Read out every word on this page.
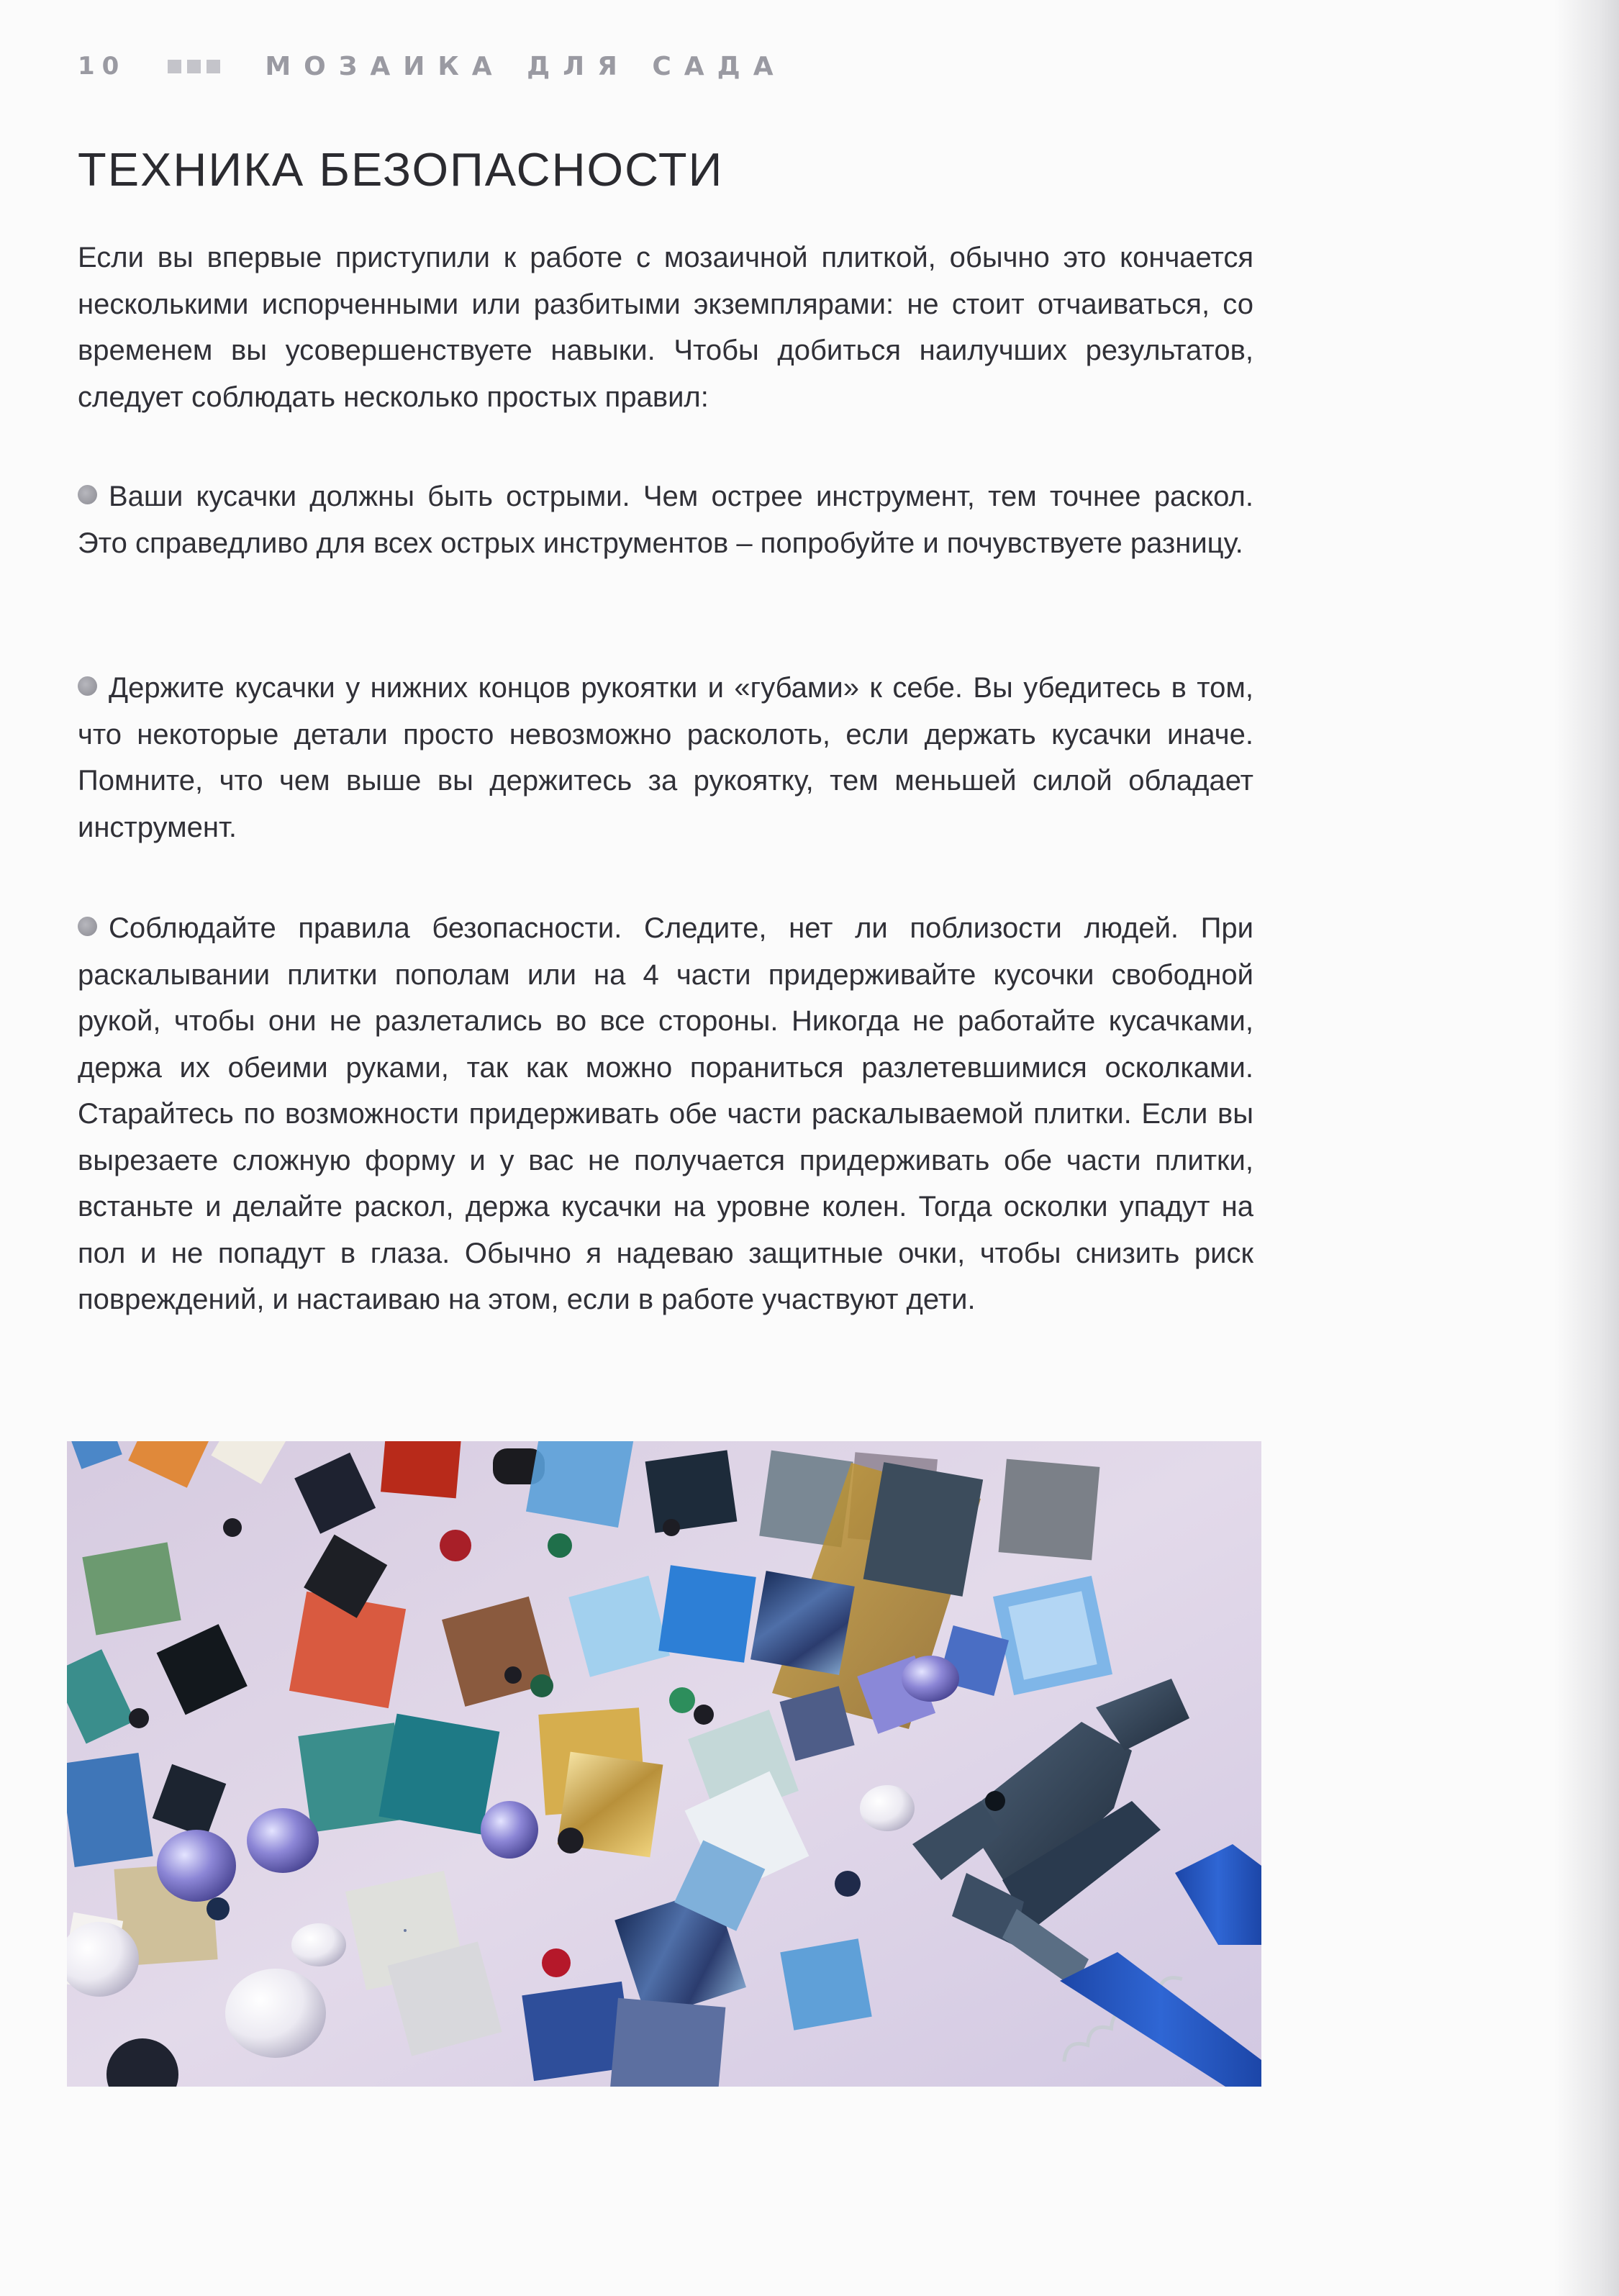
10	МОЗАИКА ДЛЯ САДА
ТЕХНИКА БЕЗОПАСНОСТИ

Если вы впервые приступили к работе с мозаичной плиткой, обычно это кончается несколькими испорченными или разбитыми экземплярами: не стоит отчаиваться, со временем вы усовершенствуете навыки. Чтобы добиться наилучших результатов, следует соблюдать несколько простых правил:

Ваши кусачки должны быть острыми. Чем острее инструмент, тем точнее раскол. Это справедливо для всех острых инструментов – попробуйте и почувствуете разницу.

Держите кусачки у нижних концов рукоятки и «губами» к себе. Вы убедитесь в том, что некоторые детали просто невозможно расколоть, если держать кусачки иначе. Помните, что чем выше вы держитесь за рукоятку, тем меньшей силой обладает инструмент.

Соблюдайте правила безопасности. Следите, нет ли поблизости людей. При раскалывании плитки пополам или на 4 части придерживайте кусочки свободной рукой, чтобы они не разлетались во все стороны. Никогда не работайте кусачками, держа их обеими руками, так как можно пораниться разлетевшимися осколками. Старайтесь по возможности придерживать обе части раскалываемой плитки. Если вы вырезаете сложную форму и у вас не получается придерживать обе части плитки, встаньте и делайте раскол, держа кусачки на уровне колен. Тогда осколки упадут на пол и не попадут в глаза. Обычно я надеваю защитные очки, чтобы снизить риск повреждений, и настаиваю на этом, если в работе участвуют дети.
